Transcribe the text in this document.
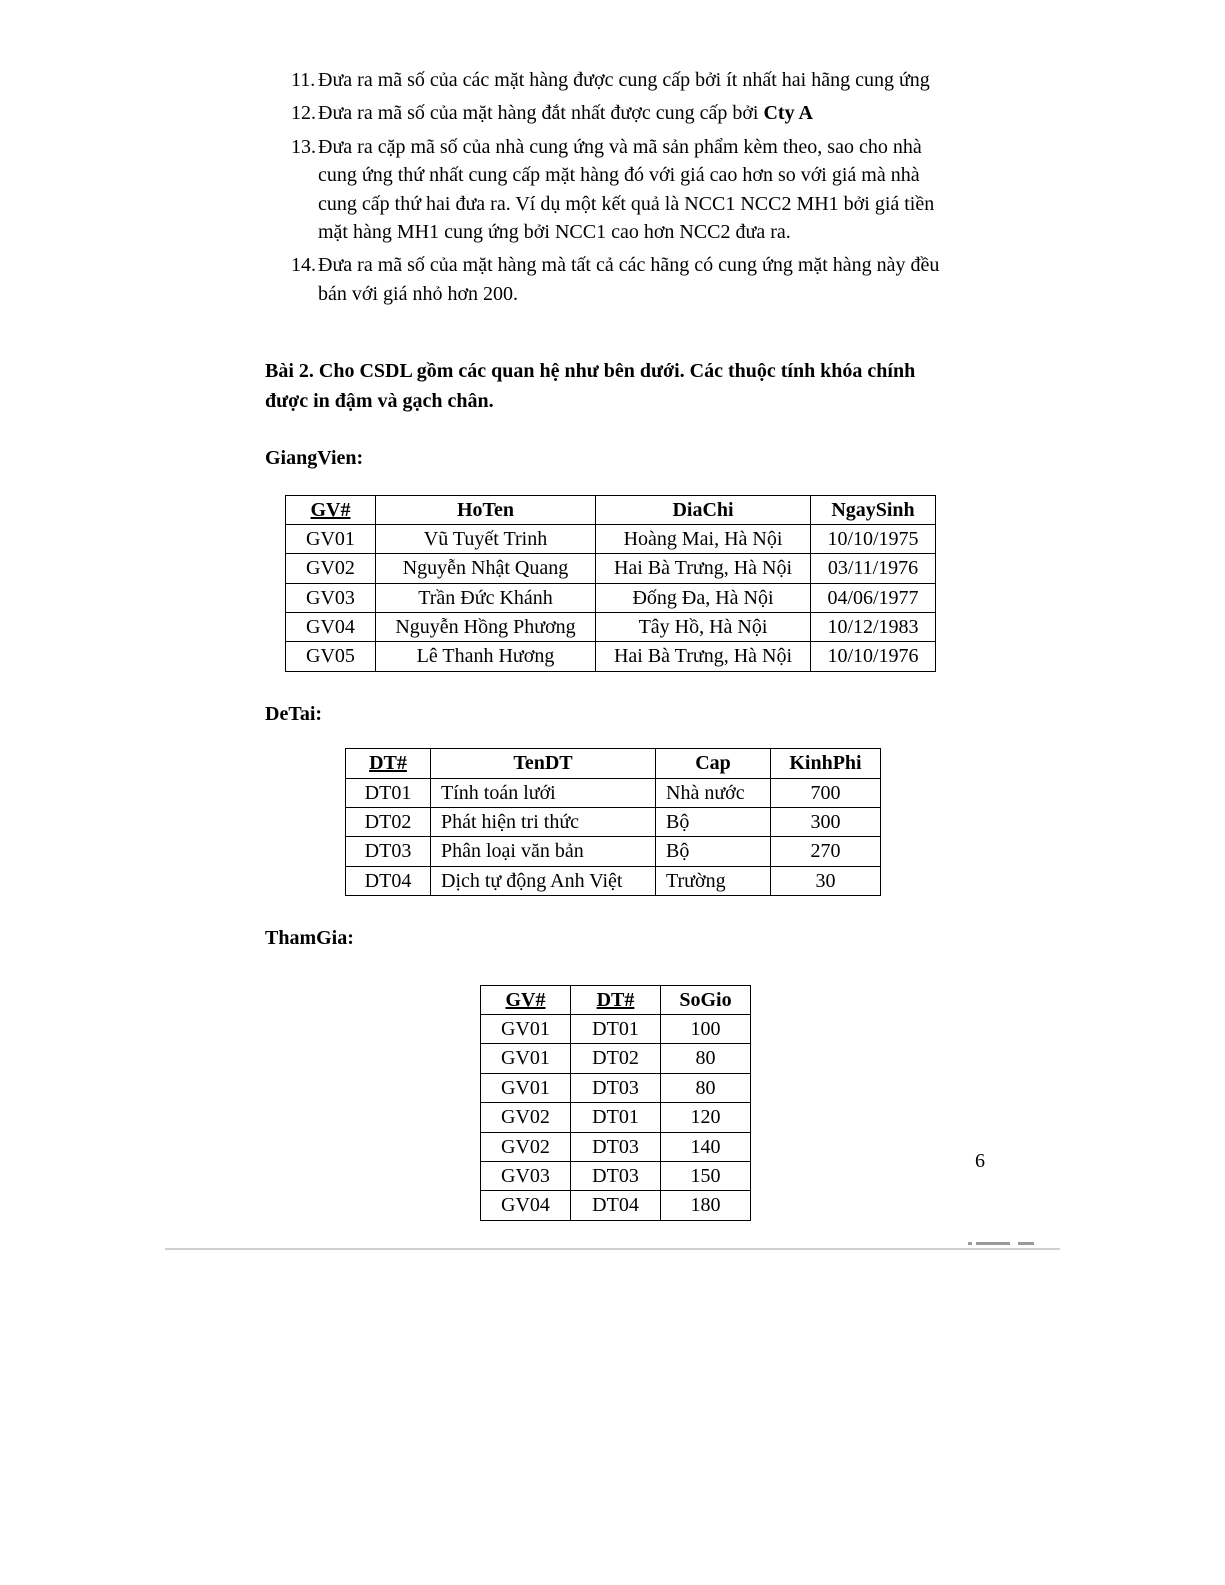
11. Đưa ra mã số của các mặt hàng được cung cấp bởi ít nhất hai hãng cung ứng
12. Đưa ra mã số của mặt hàng đắt nhất được cung cấp bởi Cty A
13. Đưa ra cặp mã số của nhà cung ứng và mã sản phẩm kèm theo, sao cho nhà cung ứng thứ nhất cung cấp mặt hàng đó với giá cao hơn so với giá mà nhà cung cấp thứ hai đưa ra. Ví dụ một kết quả là NCC1 NCC2 MH1 bởi giá tiền mặt hàng MH1 cung ứng bởi NCC1 cao hơn NCC2 đưa ra.
14. Đưa ra mã số của mặt hàng mà tất cả các hãng có cung ứng mặt hàng này đều bán với giá nhỏ hơn 200.
Bài 2. Cho CSDL gồm các quan hệ như bên dưới. Các thuộc tính khóa chính được in đậm và gạch chân.
GiangVien:
GV#	HoTen	DiaChi	NgaySinh
GV01	Vũ Tuyết Trinh	Hoàng Mai, Hà Nội	10/10/1975
GV02	Nguyễn Nhật Quang	Hai Bà Trưng, Hà Nội	03/11/1976
GV03	Trần Đức Khánh	Đống Đa, Hà Nội	04/06/1977
GV04	Nguyễn Hồng Phương	Tây Hồ, Hà Nội	10/12/1983
GV05	Lê Thanh Hương	Hai Bà Trưng, Hà Nội	10/10/1976
DeTai:
DT#	TenDT	Cap	KinhPhi
DT01	Tính toán lưới	Nhà nước	700
DT02	Phát hiện tri thức	Bộ	300
DT03	Phân loại văn bản	Bộ	270
DT04	Dịch tự động Anh Việt	Trường	30
ThamGia:
GV#	DT#	SoGio
GV01	DT01	100
GV01	DT02	80
GV01	DT03	80
GV02	DT01	120
GV02	DT03	140
GV03	DT03	150
GV04	DT04	180
6
